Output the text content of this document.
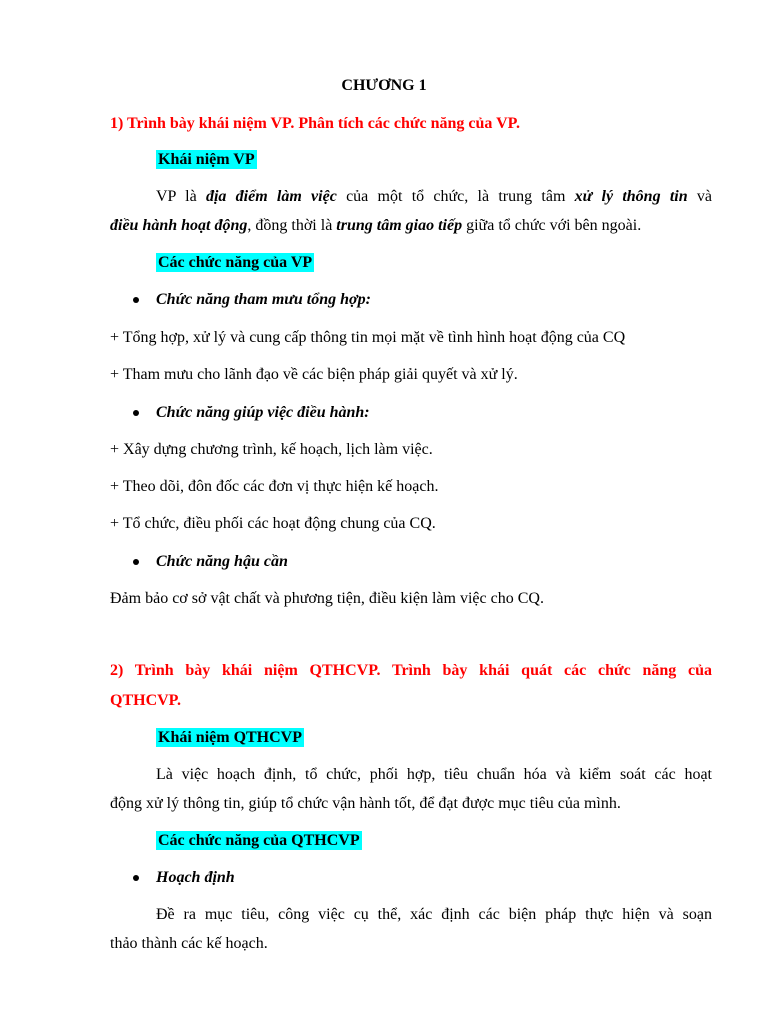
CHƯƠNG 1

1) Trình bày khái niệm VP. Phân tích các chức năng của VP.

Khái niệm VP

VP là địa điểm làm việc của một tổ chức, là trung tâm xử lý thông tin và

điều hành hoạt động, đồng thời là trung tâm giao tiếp giữa tổ chức với bên ngoài.

Các chức năng của VP

Chức năng tham mưu tổng hợp:

+ Tổng hợp, xử lý và cung cấp thông tin mọi mặt về tình hình hoạt động của CQ

+ Tham mưu cho lãnh đạo về các biện pháp giải quyết và xử lý.

Chức năng giúp việc điều hành:

+ Xây dựng chương trình, kế hoạch, lịch làm việc.

+ Theo dõi, đôn đốc các đơn vị thực hiện kế hoạch.

+ Tổ chức, điều phối các hoạt động chung của CQ.

Chức năng hậu cần

Đảm bảo cơ sở vật chất và phương tiện, điều kiện làm việc cho CQ.

2) Trình bày khái niệm QTHCVP. Trình bày khái quát các chức năng của

QTHCVP.

Khái niệm QTHCVP

Là việc hoạch định, tổ chức, phối hợp, tiêu chuẩn hóa và kiểm soát các hoạt

động xử lý thông tin, giúp tổ chức vận hành tốt, để đạt được mục tiêu của mình.

Các chức năng của QTHCVP

Hoạch định

Đề ra mục tiêu, công việc cụ thể, xác định các biện pháp thực hiện và soạn

thảo thành các kế hoạch.
